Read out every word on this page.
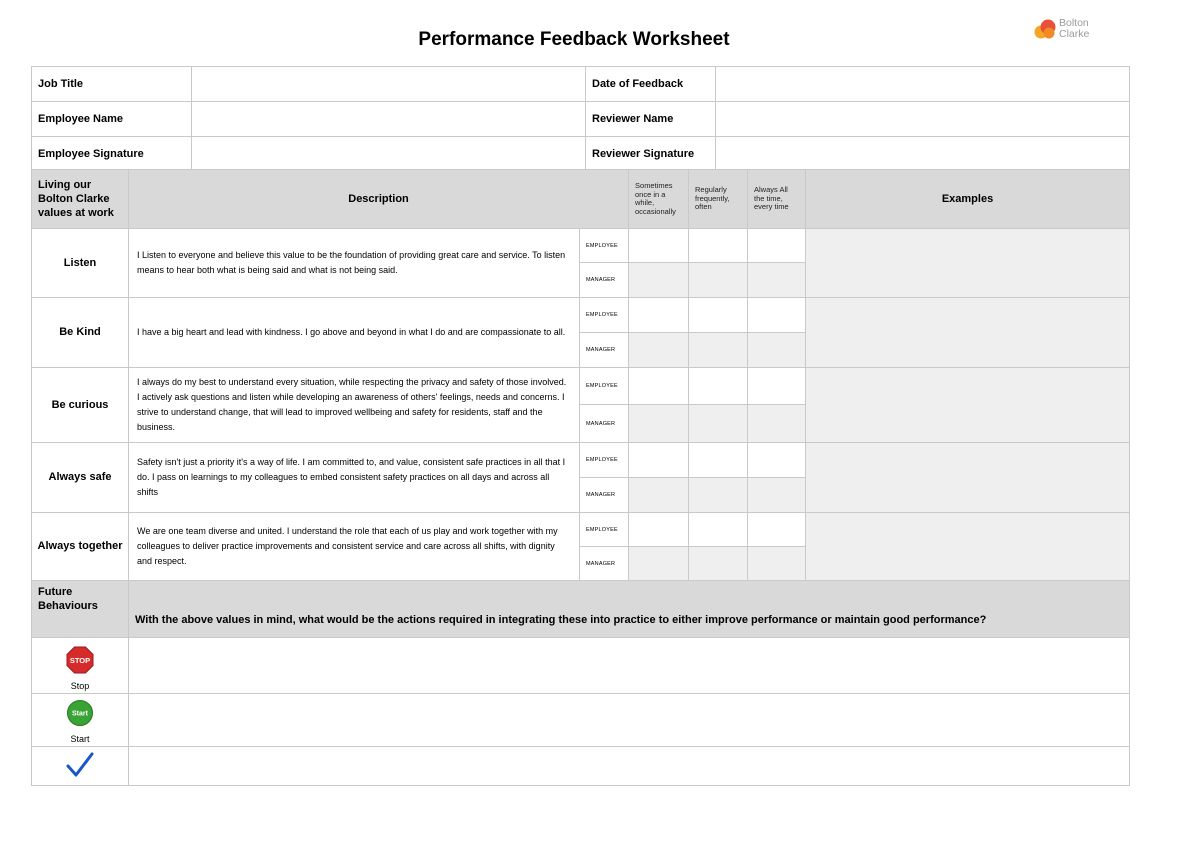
Performance Feedback Worksheet
Bolton
Clarke
Job Title		Date of Feedback	
Employee Name		Reviewer Name	
Employee Signature		Reviewer Signature	
Living our Bolton Clarke values at work	Description		Sometimes once in a while, occasionally	Regularly frequently, often	Always All the time, every time	Examples
Listen	I Listen to everyone and believe this value to be the foundation of providing great care and service. To listen means to hear both what is being said and what is not being said.	EMPLOYEE				
		MANAGER				
Be Kind	I have a big heart and lead with kindness. I go above and beyond in what I do and are compassionate to all.	EMPLOYEE				
		MANAGER				
Be curious	I always do my best to understand every situation, while respecting the privacy and safety of those involved. I actively ask questions and listen while developing an awareness of others' feelings, needs and concerns. I strive to understand change, that will lead to improved wellbeing and safety for residents, staff and the business.	EMPLOYEE				
		MANAGER				
Always safe	Safety isn't just a priority it's a way of life. I am committed to, and value, consistent safe practices in all that I do. I pass on learnings to my colleagues to embed consistent safety practices on all days and across all shifts	EMPLOYEE				
		MANAGER				
Always together	We are one team diverse and united. I understand the role that each of us play and work together with my colleagues to deliver practice improvements and consistent service and care across all shifts, with dignity and respect.	EMPLOYEE				
		MANAGER				
Future Behaviours	With the above values in mind, what would be the actions required in integrating these into practice to either improve performance or maintain good performance?					

STOP
Stop						

Start
Start						
